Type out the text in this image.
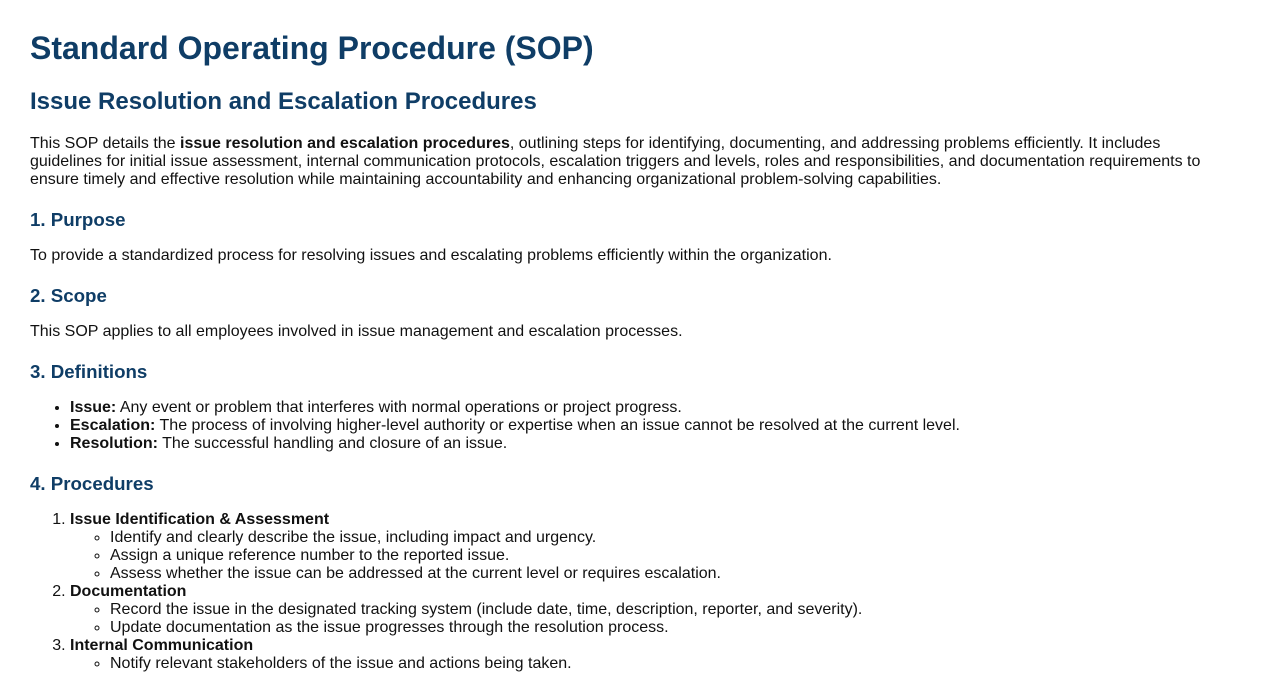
Standard Operating Procedure (SOP)
Issue Resolution and Escalation Procedures

This SOP details the issue resolution and escalation procedures, outlining steps for identifying, documenting, and addressing problems efficiently. It includes guidelines for initial issue assessment, internal communication protocols, escalation triggers and levels, roles and responsibilities, and documentation requirements to ensure timely and effective resolution while maintaining accountability and enhancing organizational problem-solving capabilities.

1. Purpose

To provide a standardized process for resolving issues and escalating problems efficiently within the organization.

2. Scope

This SOP applies to all employees involved in issue management and escalation processes.

3. Definitions
• Issue: Any event or problem that interferes with normal operations or project progress.
• Escalation: The process of involving higher-level authority or expertise when an issue cannot be resolved at the current level.
• Resolution: The successful handling and closure of an issue.
4. Procedures
1. Issue Identification & Assessment
◦ Identify and clearly describe the issue, including impact and urgency.
◦ Assign a unique reference number to the reported issue.
◦ Assess whether the issue can be addressed at the current level or requires escalation.
2. Documentation
◦ Record the issue in the designated tracking system (include date, time, description, reporter, and severity).
◦ Update documentation as the issue progresses through the resolution process.
3. Internal Communication
◦ Notify relevant stakeholders of the issue and actions being taken.
